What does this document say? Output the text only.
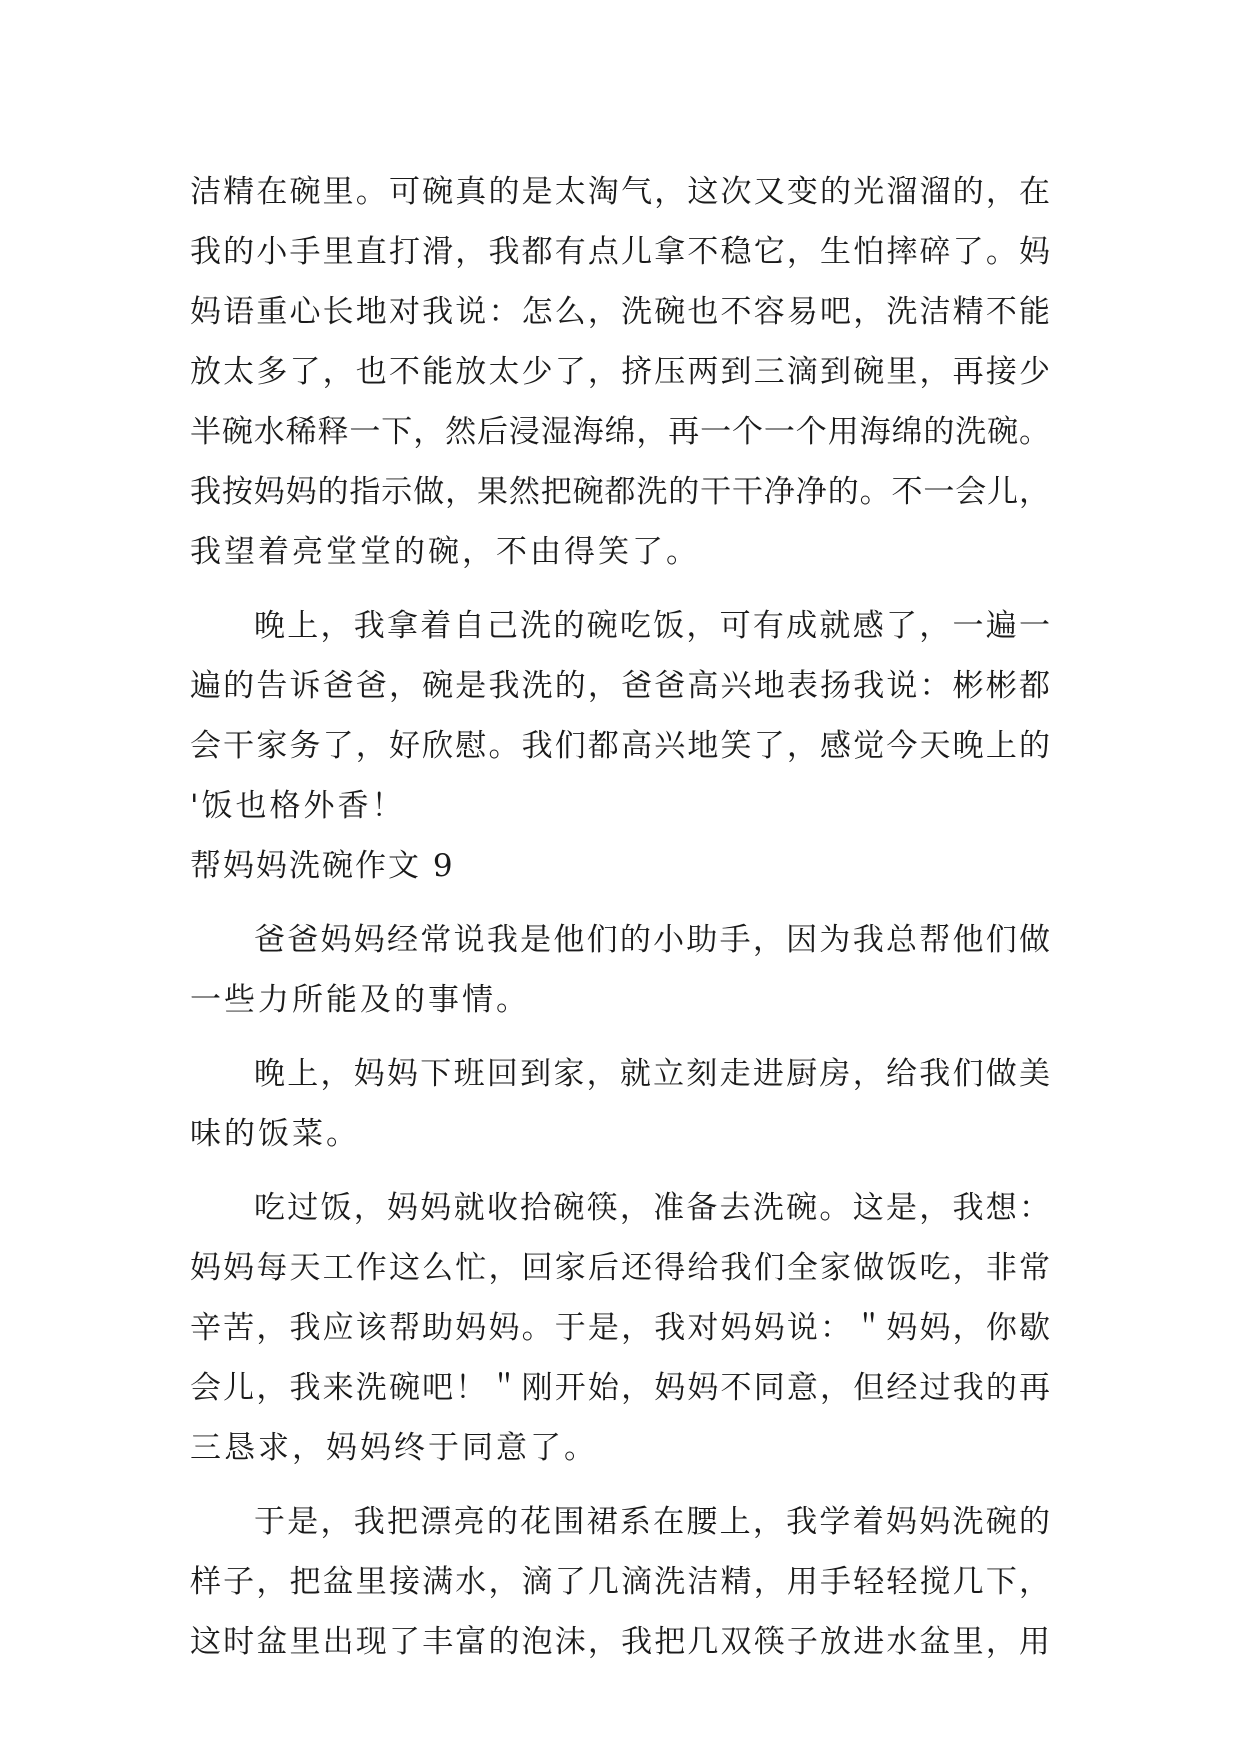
洁精在碗里。可碗真的是太淘气，这次又变的光溜溜的，在
我的小手里直打滑，我都有点儿拿不稳它，生怕摔碎了。妈
妈语重心长地对我说：怎么，洗碗也不容易吧，洗洁精不能
放太多了，也不能放太少了，挤压两到三滴到碗里，再接少
半碗水稀释一下，然后浸湿海绵，再一个一个用海绵的洗碗。
我按妈妈的指示做，果然把碗都洗的干干净净的。不一会儿，
我望着亮堂堂的碗，不由得笑了。
晚上，我拿着自己洗的碗吃饭，可有成就感了，一遍一
遍的告诉爸爸，碗是我洗的，爸爸高兴地表扬我说：彬彬都
会干家务了，好欣慰。我们都高兴地笑了，感觉今天晚上的
'饭也格外香！
帮妈妈洗碗作文 9
爸爸妈妈经常说我是他们的小助手，因为我总帮他们做
一些力所能及的事情。
晚上，妈妈下班回到家，就立刻走进厨房，给我们做美
味的饭菜。
吃过饭，妈妈就收拾碗筷，准备去洗碗。这是，我想：
妈妈每天工作这么忙，回家后还得给我们全家做饭吃，非常
辛苦，我应该帮助妈妈。于是，我对妈妈说：＂妈妈，你歇
会儿，我来洗碗吧！＂刚开始，妈妈不同意，但经过我的再
三恳求，妈妈终于同意了。
于是，我把漂亮的花围裙系在腰上，我学着妈妈洗碗的
样子，把盆里接满水，滴了几滴洗洁精，用手轻轻搅几下，
这时盆里出现了丰富的泡沫，我把几双筷子放进水盆里，用
